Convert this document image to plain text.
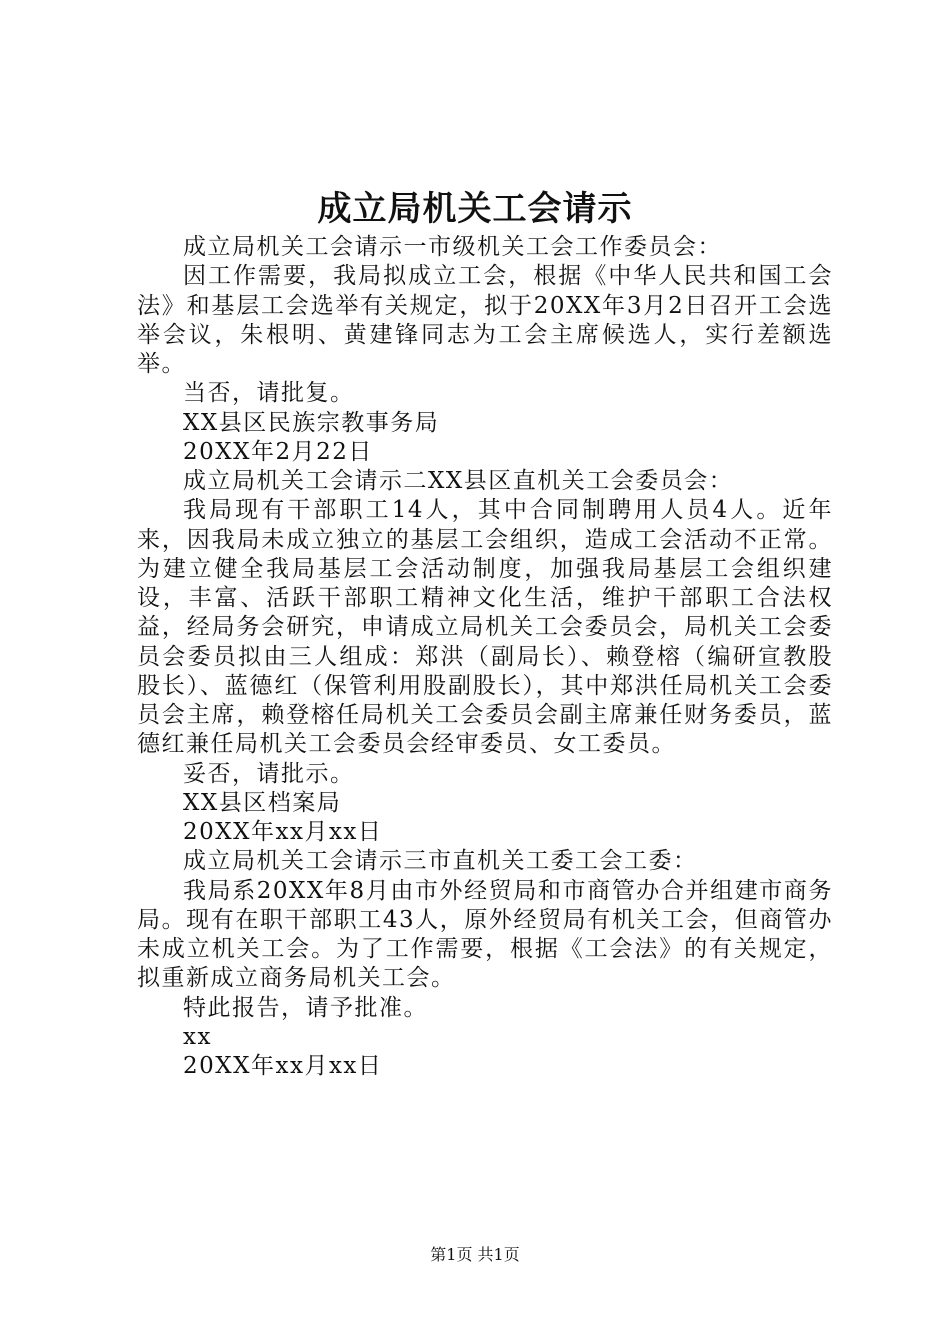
成立局机关工会请示

成立局机关工会请示一市级机关工会工作委员会：

因工作需要，我局拟成立工会，根据《中华人民共和国工会法》和基层工会选举有关规定，拟于20XX年3月2日召开工会选举会议，朱根明、黄建锋同志为工会主席候选人，实行差额选举。

当否，请批复。

XX县区民族宗教事务局

20XX年2月22日

成立局机关工会请示二XX县区直机关工会委员会：

我局现有干部职工14人，其中合同制聘用人员4人。近年来，因我局未成立独立的基层工会组织，造成工会活动不正常。为建立健全我局基层工会活动制度，加强我局基层工会组织建设，丰富、活跃干部职工精神文化生活，维护干部职工合法权益，经局务会研究，申请成立局机关工会委员会，局机关工会委员会委员拟由三人组成：郑洪（副局长）、赖登榕（编研宣教股股长）、蓝德红（保管利用股副股长），其中郑洪任局机关工会委员会主席，赖登榕任局机关工会委员会副主席兼任财务委员，蓝德红兼任局机关工会委员会经审委员、女工委员。

妥否，请批示。

XX县区档案局

20XX年xx月xx日

成立局机关工会请示三市直机关工委工会工委：

我局系20XX年8月由市外经贸局和市商管办合并组建市商务局。现有在职干部职工43人，原外经贸局有机关工会，但商管办未成立机关工会。为了工作需要，根据《工会法》的有关规定，拟重新成立商务局机关工会。

特此报告，请予批准。

xx

20XX年xx月xx日

第1页 共1页
